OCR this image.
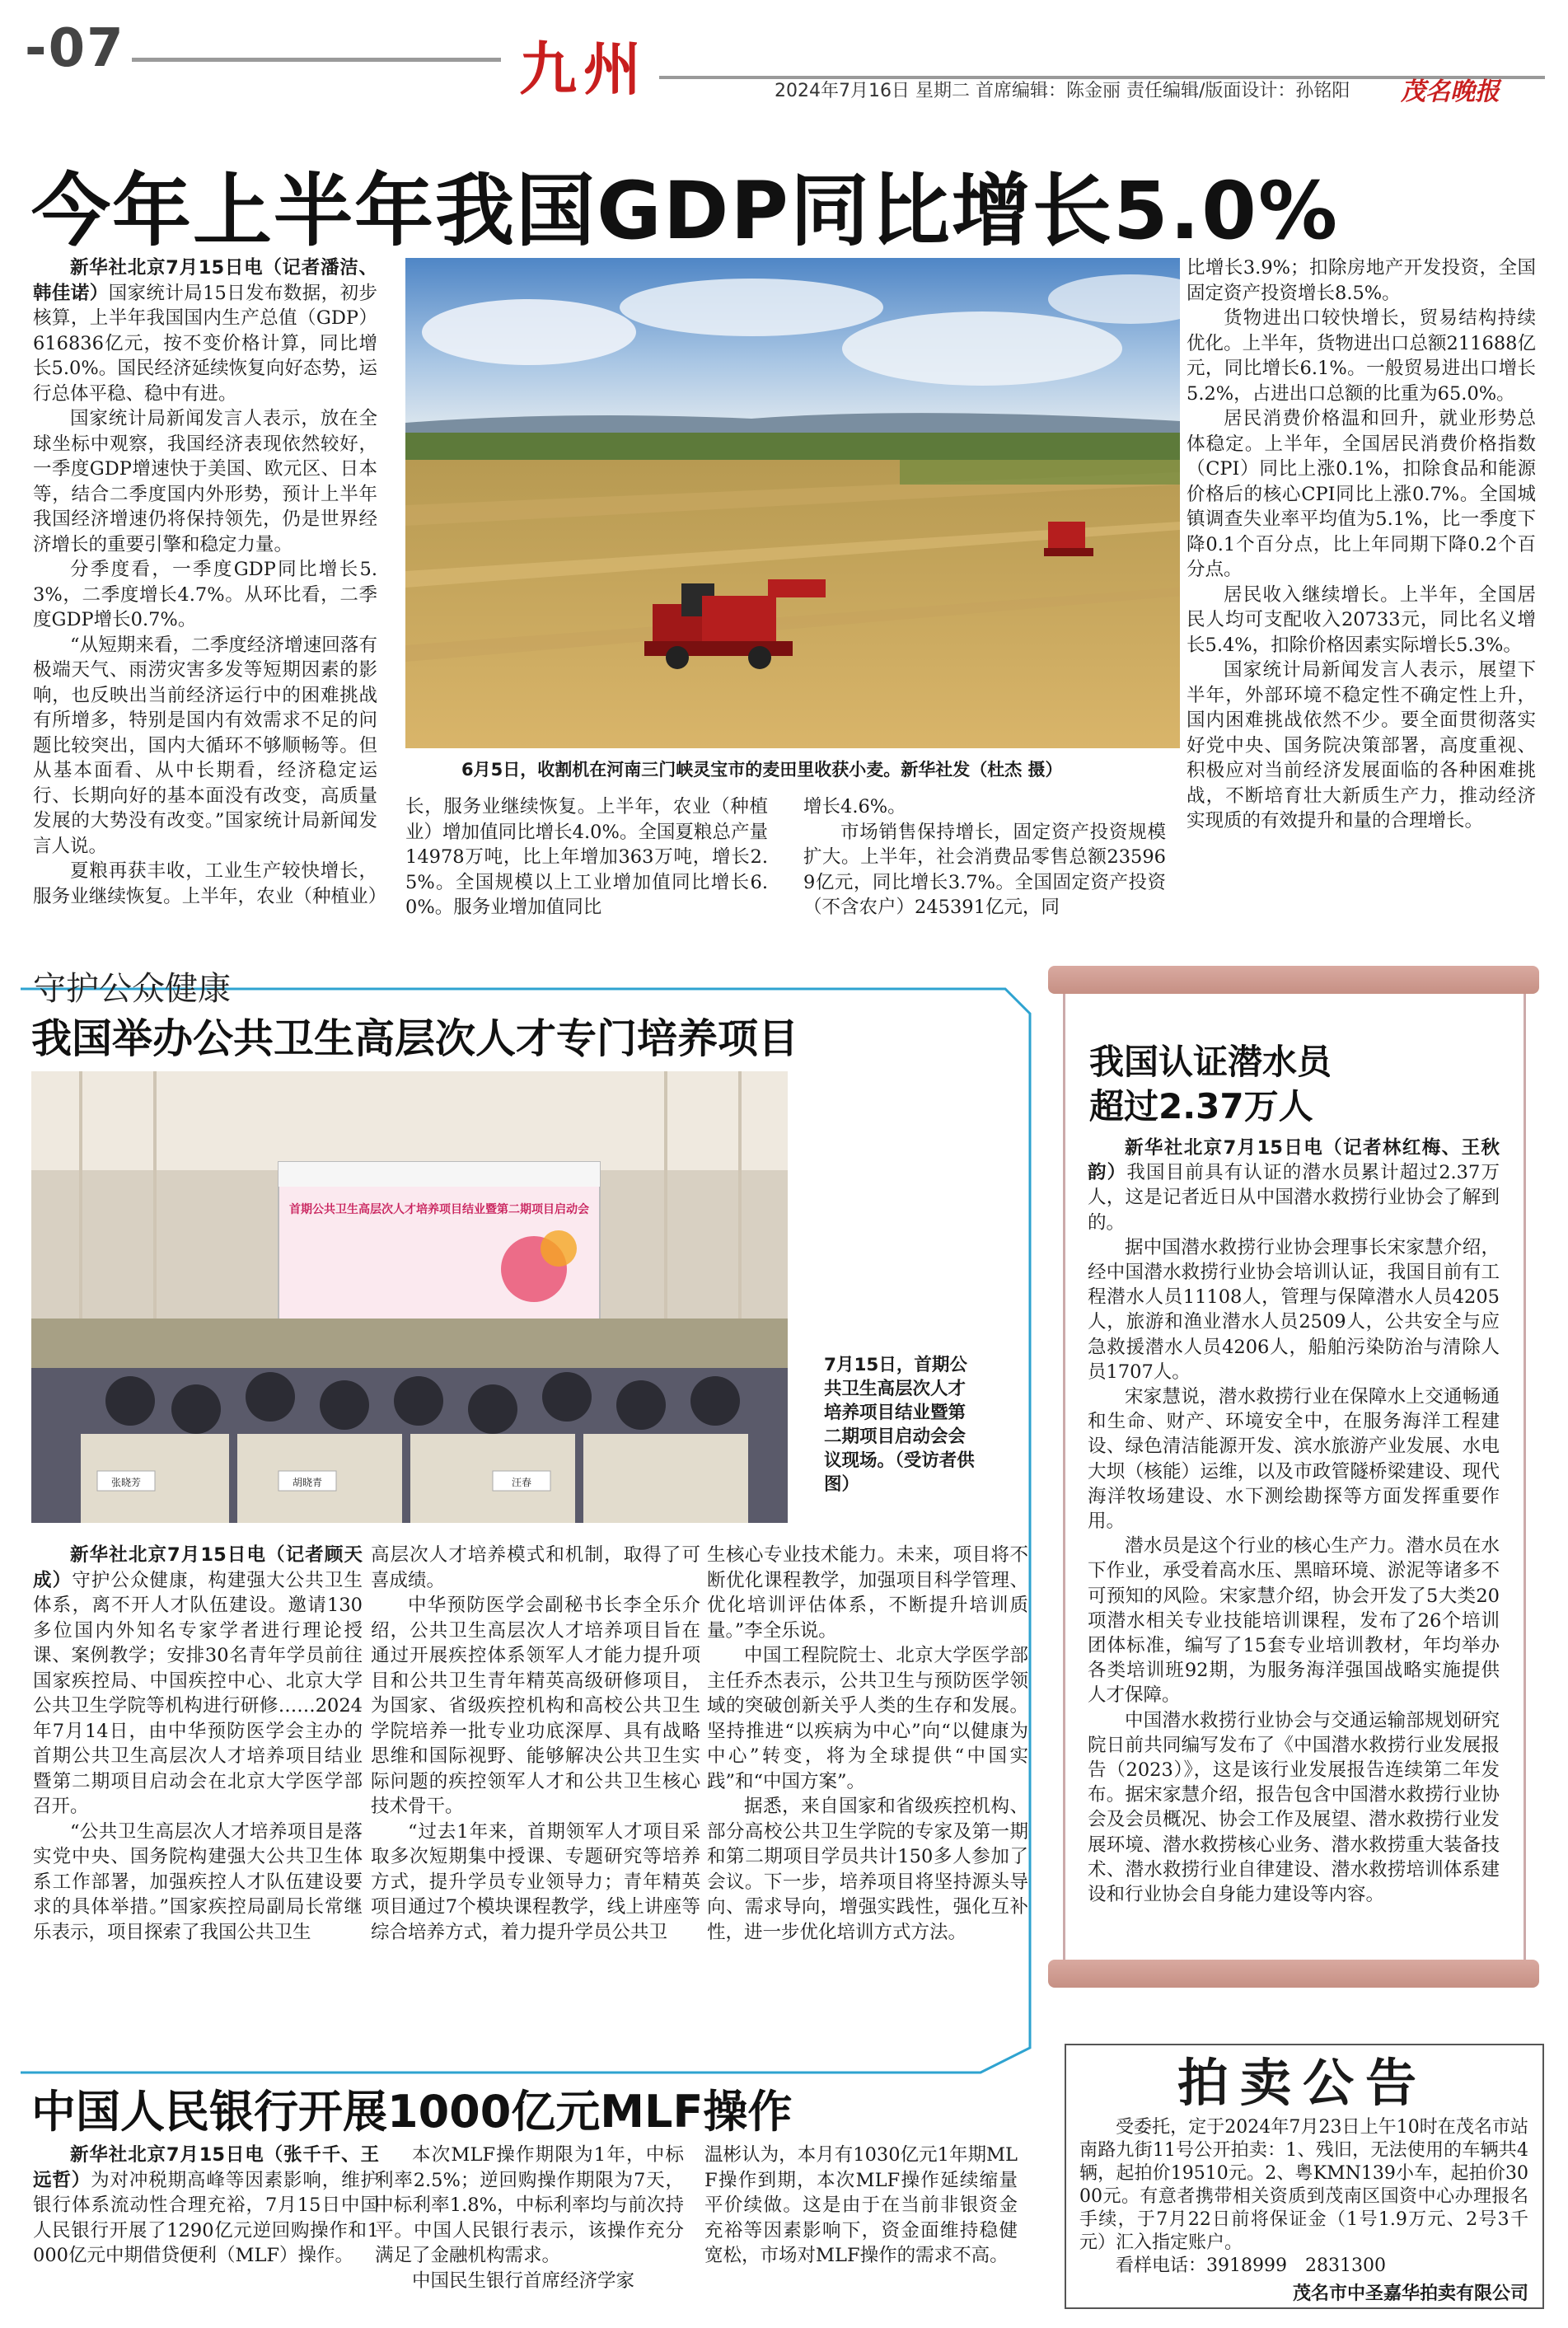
-07	九州	2024年7月16日 星期二 首席编辑：陈金丽 责任编辑/版面设计：孙铭阳 茂名晚报
今年上半年我国GDP同比增长5.0%

新华社北京7月15日电（记者潘洁、韩佳诺）国家统计局15日发布数据，初步核算，上半年我国国内生产总值（GDP）616836亿元，按不变价格计算，同比增长5.0%。国民经济延续恢复向好态势，运行总体平稳、稳中有进。

国家统计局新闻发言人表示，放在全球坐标中观察，我国经济表现依然较好，一季度GDP增速快于美国、欧元区、日本等，结合二季度国内外形势，预计上半年我国经济增速仍将保持领先，仍是世界经济增长的重要引擎和稳定力量。

分季度看，一季度GDP同比增长5.3%，二季度增长4.7%。从环比看，二季度GDP增长0.7%。

“从短期来看，二季度经济增速回落有极端天气、雨涝灾害多发等短期因素的影响，也反映出当前经济运行中的困难挑战有所增多，特别是国内有效需求不足的问题比较突出，国内大循环不够顺畅等。但从基本面看、从中长期看，经济稳定运行、长期向好的基本面没有改变，高质量发展的大势没有改变。”国家统计局新闻发言人说。

夏粮再获丰收，工业生产较快增长，服务业继续恢复。上半年，农业（种植业）

6月5日，收割机在河南三门峡灵宝市的麦田里收获小麦。新华社发（杜杰 摄）

长，服务业继续恢复。上半年，农业（种植业）增加值同比增长4.0%。全国夏粮总产量14978万吨，比上年增加363万吨，增长2.5%。全国规模以上工业增加值同比增长6.0%。服务业增加值同比

增长4.6%。

市场销售保持增长，固定资产投资规模扩大。上半年，社会消费品零售总额235969亿元，同比增长3.7%。全国固定资产投资（不含农户）245391亿元，同

比增长3.9%；扣除房地产开发投资，全国固定资产投资增长8.5%。

货物进出口较快增长，贸易结构持续优化。上半年，货物进出口总额211688亿元，同比增长6.1%。一般贸易进出口增长5.2%，占进出口总额的比重为65.0%。

居民消费价格温和回升，就业形势总体稳定。上半年，全国居民消费价格指数（CPI）同比上涨0.1%，扣除食品和能源价格后的核心CPI同比上涨0.7%。全国城镇调查失业率平均值为5.1%，比一季度下降0.1个百分点，比上年同期下降0.2个百分点。

居民收入继续增长。上半年，全国居民人均可支配收入20733元，同比名义增长5.4%，扣除价格因素实际增长5.3%。

国家统计局新闻发言人表示，展望下半年，外部环境不稳定性不确定性上升，国内困难挑战依然不少。要全面贯彻落实好党中央、国务院决策部署，高度重视、积极应对当前经济发展面临的各种困难挑战，不断培育壮大新质生产力，推动经济实现质的有效提升和量的合理增长。

守护公众健康
我国举办公共卫生高层次人才专门培养项目
首期公共卫生高层次人才培养项目结业暨第二期项目启动会
张晓芳	胡晓青	汪春
7月15日，首期公共卫生高层次人才培养项目结业暨第二期项目启动会会议现场。（受访者供图）

新华社北京7月15日电（记者顾天成）守护公众健康，构建强大公共卫生体系，离不开人才队伍建设。邀请130多位国内外知名专家学者进行理论授课、案例教学；安排30名青年学员前往国家疾控局、中国疾控中心、北京大学公共卫生学院等机构进行研修……2024年7月14日，由中华预防医学会主办的首期公共卫生高层次人才培养项目结业暨第二期项目启动会在北京大学医学部召开。

“公共卫生高层次人才培养项目是落实党中央、国务院构建强大公共卫生体系工作部署，加强疾控人才队伍建设要求的具体举措。”国家疾控局副局长常继乐表示，项目探索了我国公共卫生

高层次人才培养模式和机制，取得了可喜成绩。

中华预防医学会副秘书长李全乐介绍，公共卫生高层次人才培养项目旨在通过开展疾控体系领军人才能力提升项目和公共卫生青年精英高级研修项目，为国家、省级疾控机构和高校公共卫生学院培养一批专业功底深厚、具有战略思维和国际视野、能够解决公共卫生实际问题的疾控领军人才和公共卫生核心技术骨干。

“过去1年来，首期领军人才项目采取多次短期集中授课、专题研究等培养方式，提升学员专业领导力；青年精英项目通过7个模块课程教学，线上讲座等综合培养方式，着力提升学员公共卫

生核心专业技术能力。未来，项目将不断优化课程教学，加强项目科学管理、优化培训评估体系，不断提升培训质量。”李全乐说。

中国工程院院士、北京大学医学部主任乔杰表示，公共卫生与预防医学领域的突破创新关乎人类的生存和发展。坚持推进“以疾病为中心”向“以健康为中心”转变，将为全球提供“中国实践”和“中国方案”。

据悉，来自国家和省级疾控机构、部分高校公共卫生学院的专家及第一期和第二期项目学员共计150多人参加了会议。下一步，培养项目将坚持源头导向、需求导向，增强实践性，强化互补性，进一步优化培训方式方法。

我国认证潜水员
超过2.37万人

新华社北京7月15日电（记者林红梅、王秋韵）我国目前具有认证的潜水员累计超过2.37万人，这是记者近日从中国潜水救捞行业协会了解到的。

据中国潜水救捞行业协会理事长宋家慧介绍，经中国潜水救捞行业协会培训认证，我国目前有工程潜水人员11108人，管理与保障潜水人员4205人，旅游和渔业潜水人员2509人，公共安全与应急救援潜水人员4206人，船舶污染防治与清除人员1707人。

宋家慧说，潜水救捞行业在保障水上交通畅通和生命、财产、环境安全中，在服务海洋工程建设、绿色清洁能源开发、滨水旅游产业发展、水电大坝（核能）运维，以及市政管隧桥梁建设、现代海洋牧场建设、水下测绘勘探等方面发挥重要作用。

潜水员是这个行业的核心生产力。潜水员在水下作业，承受着高水压、黑暗环境、淤泥等诸多不可预知的风险。宋家慧介绍，协会开发了5大类20项潜水相关专业技能培训课程，发布了26个培训团体标准，编写了15套专业培训教材，年均举办各类培训班92期，为服务海洋强国战略实施提供人才保障。

中国潜水救捞行业协会与交通运输部规划研究院日前共同编写发布了《中国潜水救捞行业发展报告（2023）》，这是该行业发展报告连续第二年发布。据宋家慧介绍，报告包含中国潜水救捞行业协会及会员概况、协会工作及展望、潜水救捞行业发展环境、潜水救捞核心业务、潜水救捞重大装备技术、潜水救捞行业自律建设、潜水救捞培训体系建设和行业协会自身能力建设等内容。

中国人民银行开展1000亿元MLF操作

新华社北京7月15日电（张千千、王远哲）为对冲税期高峰等因素影响，维护银行体系流动性合理充裕，7月15日中国人民银行开展了1290亿元逆回购操作和1000亿元中期借贷便利（MLF）操作。

本次MLF操作期限为1年，中标利率2.5%；逆回购操作期限为7天，中标利率1.8%，中标利率均与前次持平。中国人民银行表示，该操作充分满足了金融机构需求。

中国民生银行首席经济学家

温彬认为，本月有1030亿元1年期MLF操作到期，本次MLF操作延续缩量平价续做。这是由于在当前非银资金充裕等因素影响下，资金面维持稳健宽松，市场对MLF操作的需求不高。

拍卖公告

受委托，定于2024年7月23日上午10时在茂名市站南路九街11号公开拍卖：1、残旧，无法使用的车辆共4辆，起拍价19510元。2、粤KMN139小车，起拍价3000元。有意者携带相关资质到茂南区国资中心办理报名手续，于7月22日前将保证金（1号1.9万元、2号3千元）汇入指定账户。

看样电话：3918999　2831300

茂名市中圣嘉华拍卖有限公司
